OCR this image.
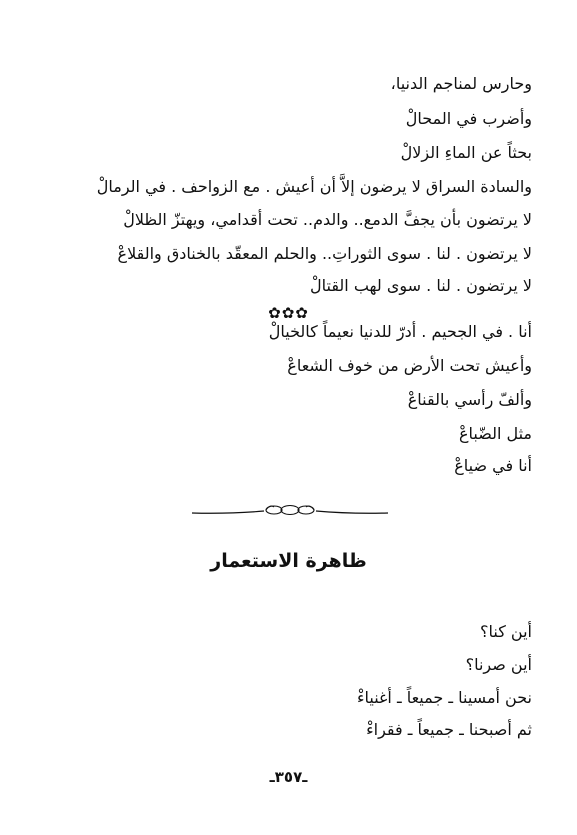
وحارس لمناجم الدنيا،
وأضرب في المحالْ
بحثاً عن الماءِ الزلالْ
والسادة السراق لا يرضون إلاَّ أن أعيش . مع الزواحف . في الرمالْ
لا يرتضون بأن يجفَّ الدمع.. والدم.. تحت أقدامي، ويهتزّ الظلالْ
لا يرتضون . لنا . سوى الثوراتِ.. والحلم المعقّد بالخنادق والقلاعْ
لا يرتضون . لنا . سوى لهب القتالْ
✿✿✿
أنا . في الجحيم . أدرّ للدنيا نعيماً كالخيالْ
وأعيش تحت الأرض من خوف الشعاعْ
وألفّ رأسي بالقناعْ
مثل الضّباعْ
أنا في ضياعْ
ظاهرة الاستعمار
أين كنا؟
أين صرنا؟
نحن أمسينا ـ جميعاً ـ أغنياءْ
ثم أصبحنا ـ جميعاً ـ فقراءْ
ـ٣٥٧ـ
